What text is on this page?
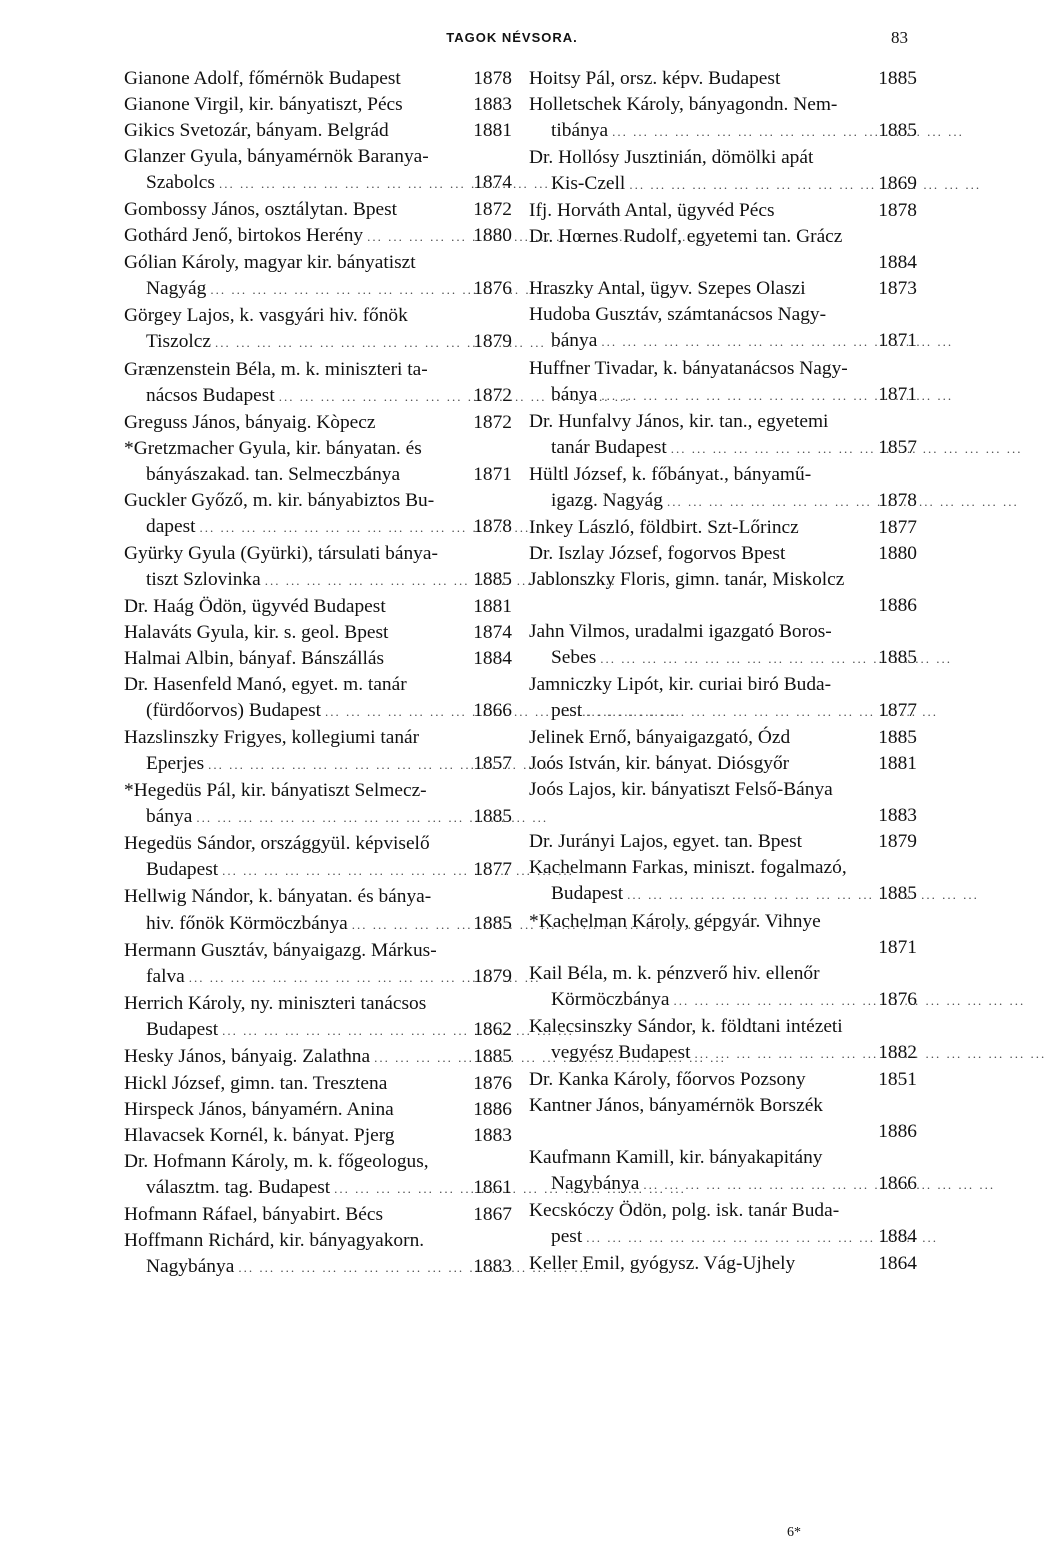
TAGOK NÉVSORA.	83
Gianone Adolf, főmérnök Budapest	1878
Gianone Virgil, kir. bányatiszt, Pécs	1883
Gikics Svetozár, bányam. Belgrád	1881
Glanzer Gyula, bányamérnök Baranya-
Szabolcs ... .	1874
Gombossy János, osztálytan. Bpest	1872
Gothárd Jenő, birtokos Herény ... .	1880
Gólian Károly, magyar kir. bányatiszt
Nagyág ... .	1876
Görgey Lajos, k. vasgyári hiv. főnök
Tiszolcz ... .	1879
Grænzenstein Béla, m. k. miniszteri ta-
nácsos Budapest ... .	1872
Greguss János, bányaig. Kòpecz	1872
*Gretzmacher Gyula, kir. bányatan. és
bányászakad. tan. Selmeczbánya	1871
Guckler Győző, m. kir. bányabiztos Bu-
dapest ... .	1878
Gyürky Gyula (Gyürki), társulati bánya-
tiszt Szlovinka ... .	1885
Dr. Haág Ödön, ügyvéd Budapest	1881
Halaváts Gyula, kir. s. geol. Bpest	1874
Halmai Albin, bányaf. Bánszállás	1884
Dr. Hasenfeld Manó, egyet. m. tanár
(fürdőorvos) Budapest ... .	1866
Hazslinszky Frigyes, kollegiumi tanár
Eperjes ... .	1857
*Hegedüs Pál, kir. bányatiszt Selmecz-
bánya ... .	1885
Hegedüs Sándor, országgyül. képviselő
Budapest ... .	1877
Hellwig Nándor, k. bányatan. és bánya-
hiv. főnök Körmöczbánya ... .	1885
Hermann Gusztáv, bányaigazg. Márkus-
falva ... .	1879
Herrich Károly, ny. miniszteri tanácsos
Budapest ... .	1862
Hesky János, bányaig. Zalathna ... .	1885
Hickl József, gimn. tan. Tresztena	1876
Hirspeck János, bányamérn. Anina	1886
Hlavacsek Kornél, k. bányat. Pjerg	1883
Dr. Hofmann Károly, m. k. főgeologus,
választm. tag. Budapest ... .	1861
Hofmann Ráfael, bányabirt. Bécs	1867
Hoffmann Richárd, kir. bányagyakorn.
Nagybánya ... .	1883
Hoitsy Pál, orsz. képv. Budapest	1885
Holletschek Károly, bányagondn. Nem-
tibánya ... .	1885
Dr. Hollósy Jusztinián, dömölki apát
Kis-Czell ... .	1869
Ifj. Horváth Antal, ügyvéd Pécs	1878
Dr. Hœrnes Rudolf, egyetemi tan. Grácz
1884
Hraszky Antal, ügyv. Szepes Olaszi	1873
Hudoba Gusztáv, számtanácsos Nagy-
bánya ... .	1871
Huffner Tivadar, k. bányatanácsos Nagy-
bánya ... .	1871
Dr. Hunfalvy János, kir. tan., egyetemi
tanár Budapest ... .	1857
Hültl József, k. főbányat., bányamű-
igazg. Nagyág ... .	1878
Inkey László, földbirt. Szt-Lőrincz	1877
Dr. Iszlay József, fogorvos Bpest	1880
Jablonszky Floris, gimn. tanár, Miskolcz
1886
Jahn Vilmos, uradalmi igazgató Boros-
Sebes ... .	1885
Jamniczky Lipót, kir. curiai biró Buda-
pest ... .	1877
Jelinek Ernő, bányaigazgató, Ózd	1885
Joós István, kir. bányat. Diósgyőr	1881
Joós Lajos, kir. bányatiszt Felső-Bánya
1883
Dr. Jurányi Lajos, egyet. tan. Bpest	1879
Kachelmann Farkas, miniszt. fogalmazó,
Budapest ... .	1885
*Kachelman Károly, gépgyár. Vihnye
1871
Kail Béla, m. k. pénzverő hiv. ellenőr
Körmöczbánya ... .	1876
Kalecsinszky Sándor, k. földtani intézeti
vegyész Budapest ... .	1882
Dr. Kanka Károly, főorvos Pozsony	1851
Kantner János, bányamérnök Borszék
1886
Kaufmann Kamill, kir. bányakapitány
Nagybánya ... .	1866
Kecskóczy Ödön, polg. isk. tanár Buda-
pest ... .	1884
Keller Emil, gyógysz. Vág-Ujhely	1864
6*
